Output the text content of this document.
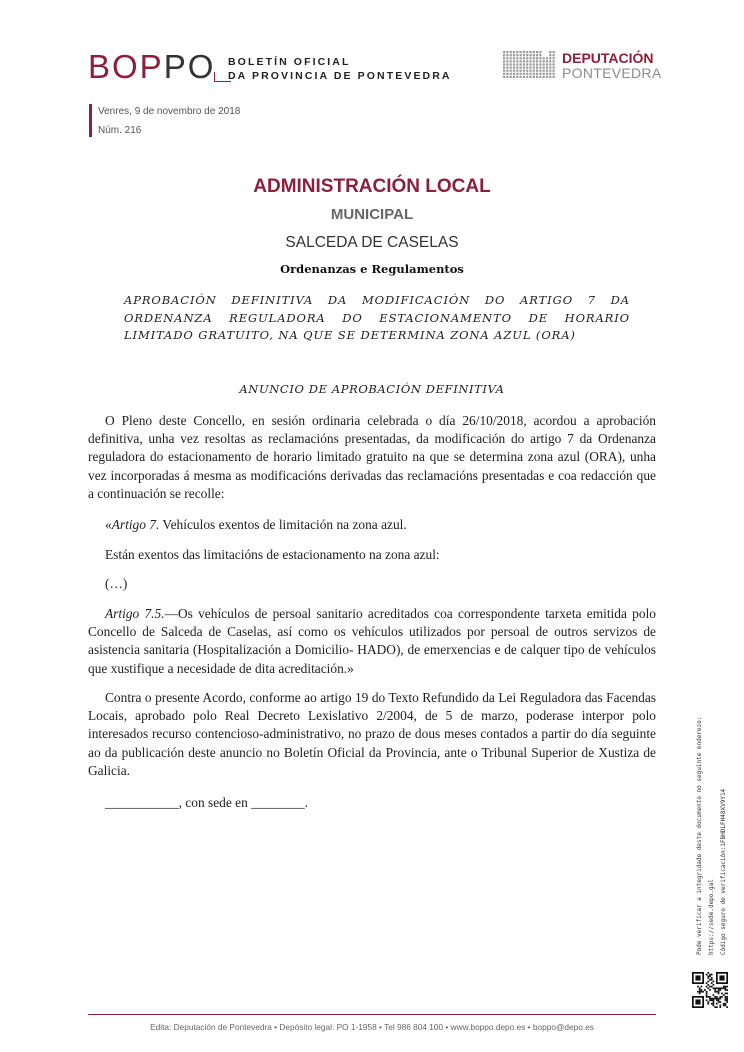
BOPPO BOLETÍN OFICIAL
DA PROVINCIA DE PONTEVEDRA
DEPUTACIÓN
PONTEVEDRA
Venres, 9 de novembro de 2018
Núm. 216
ADMINISTRACIÓN LOCAL
MUNICIPAL
SALCEDA DE CASELAS
Ordenanzas e Regulamentos
APROBACIÓN DEFINITIVA DA MODIFICACIÓN DO ARTIGO 7 DA ORDENANZA REGULADORA DO ESTACIONAMENTO DE HORARIO LIMITADO GRATUITO, NA QUE SE DETERMINA ZONA AZUL (ORA)
ANUNCIO DE APROBACIÓN DEFINITIVA

O Pleno deste Concello, en sesión ordinaria celebrada o día 26/10/2018, acordou a aprobación definitiva, unha vez resoltas as reclamacións presentadas, da modificación do artigo 7 da Ordenanza reguladora do estacionamento de horario limitado gratuito na que se determina zona azul (ORA), unha vez incorporadas á mesma as modificacións derivadas das reclamacións presentadas e coa redacción que a continuación se recolle:

«Artigo 7. Vehículos exentos de limitación na zona azul.

Están exentos das limitacións de estacionamento na zona azul:

(…)

Artigo 7.5.—Os vehículos de persoal sanitario acreditados coa correspondente tarxeta emitida polo Concello de Salceda de Caselas, así como os vehículos utilizados por persoal de outros servizos de asistencia sanitaria (Hospitalización a Domicilio- HADO), de emerxencias e de calquer tipo de vehículos que xustifique a necesidade de dita acreditación.»

Contra o presente Acordo, conforme ao artigo 19 do Texto Refundido da Lei Reguladora das Facendas Locais, aprobado polo Real Decreto Lexislativo 2/2004, de 5 de marzo, poderase interpor polo interesados recurso contencioso-administrativo, no prazo de dous meses contados a partir do día seguinte ao da publicación deste anuncio no Boletín Oficial da Provincia, ante o Tribunal Superior de Xustiza de Galicia.

___________, con sede en ________.	Pode verificar a integridade deste documento no seguinte enderezo: https://sede.depo.gal Código seguro de verificación:1FBHDLFH48XV9Y14
Edita: Deputación de Pontevedra • Depósito legal: PO 1-1958 • Tel 986 804 100 • www.boppo.depo.es • boppo@depo.es
